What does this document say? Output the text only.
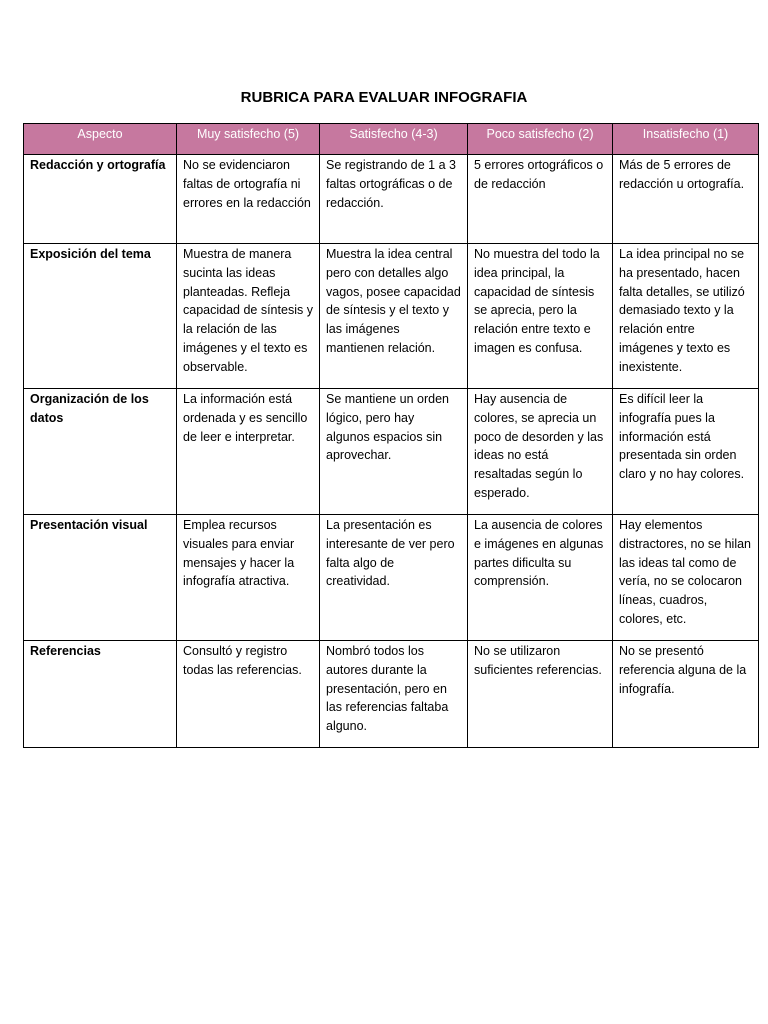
RUBRICA PARA EVALUAR INFOGRAFIA
Aspecto	Muy satisfecho (5)	Satisfecho (4-3)	Poco satisfecho (2)	Insatisfecho (1)
Redacción y ortografía	No se evidenciaron faltas de ortografía ni errores en la redacción	Se registrando de 1 a 3 faltas ortográficas o de redacción.	5 errores ortográficos o de redacción	Más de 5 errores de redacción u ortografía.
Exposición del tema	Muestra de manera sucinta las ideas planteadas. Refleja capacidad de síntesis y la relación de las imágenes y el texto es observable.	Muestra la idea central pero con detalles algo vagos, posee capacidad de síntesis y el texto y las imágenes mantienen relación.	No muestra del todo la idea principal, la capacidad de síntesis se aprecia, pero la relación entre texto e imagen es confusa.	La idea principal no se ha presentado, hacen falta detalles, se utilizó demasiado texto y la relación entre imágenes y texto es inexistente.
Organización de los datos	La información está ordenada y es sencillo de leer e interpretar.	Se mantiene un orden lógico, pero hay algunos espacios sin aprovechar.	Hay ausencia de colores, se aprecia un poco de desorden y las ideas no está resaltadas según lo esperado.	Es difícil leer la infografía pues la información está presentada sin orden claro y no hay colores.
Presentación visual	Emplea recursos visuales para enviar mensajes y hacer la infografía atractiva.	La presentación es interesante de ver pero falta algo de creatividad.	La ausencia de colores e imágenes en algunas partes dificulta su comprensión.	Hay elementos distractores, no se hilan las ideas tal como de vería, no se colocaron líneas, cuadros, colores, etc.
Referencias	Consultó y registro todas las referencias.	Nombró todos los autores durante la presentación, pero en las referencias faltaba alguno.	No se utilizaron suficientes referencias.	No se presentó referencia alguna de la infografía.
